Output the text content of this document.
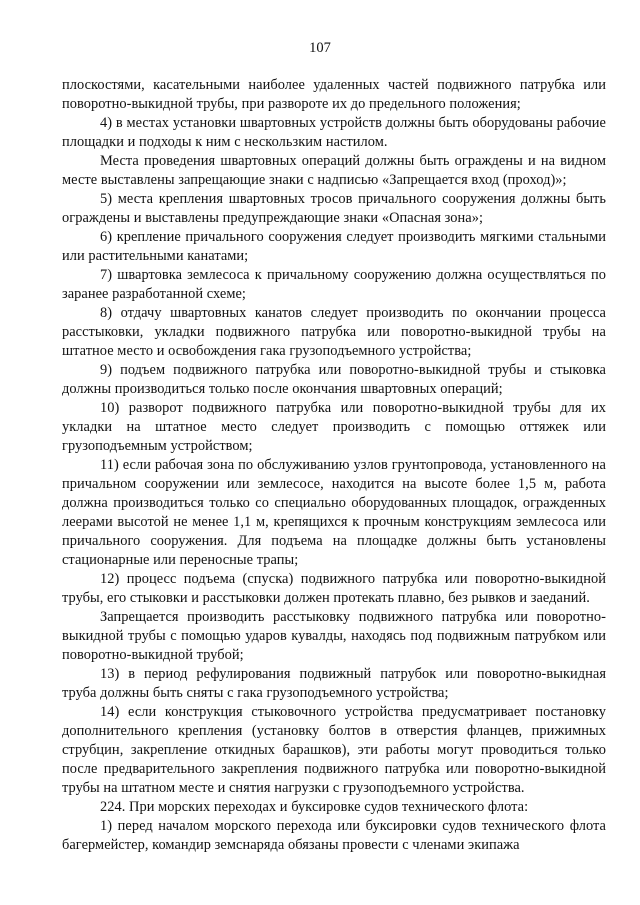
107

плоскостями, касательными наиболее удаленных частей подвижного патрубка или поворотно-выкидной трубы, при развороте их до предельного положения;

4) в местах установки швартовных устройств должны быть оборудованы рабочие площадки и подходы к ним с нескользким настилом.

Места проведения швартовных операций должны быть ограждены и на видном месте выставлены запрещающие знаки с надписью «Запрещается вход (проход)»;

5) места крепления швартовных тросов причального сооружения должны быть ограждены и выставлены предупреждающие знаки «Опасная зона»;

6) крепление причального сооружения следует производить мягкими стальными или растительными канатами;

7) швартовка землесоса к причальному сооружению должна осуществляться по заранее разработанной схеме;

8) отдачу швартовных канатов следует производить по окончании процесса расстыковки, укладки подвижного патрубка или поворотно-выкидной трубы на штатное место и освобождения гака грузоподъемного устройства;

9) подъем подвижного патрубка или поворотно-выкидной трубы и стыковка должны производиться только после окончания швартовных операций;

10) разворот подвижного патрубка или поворотно-выкидной трубы для их укладки на штатное место следует производить с помощью оттяжек или грузоподъемным устройством;

11) если рабочая зона по обслуживанию узлов грунтопровода, установленного на причальном сооружении или землесосе, находится на высоте более 1,5 м, работа должна производиться только со специально оборудованных площадок, огражденных леерами высотой не менее 1,1 м, крепящихся к прочным конструкциям землесоса или причального сооружения. Для подъема на площадке должны быть установлены стационарные или переносные трапы;

12) процесс подъема (спуска) подвижного патрубка или поворотно-выкидной трубы, его стыковки и расстыковки должен протекать плавно, без рывков и заеданий.

Запрещается производить расстыковку подвижного патрубка или поворотно-выкидной трубы с помощью ударов кувалды, находясь под подвижным патрубком или поворотно-выкидной трубой;

13) в период рефулирования подвижный патрубок или поворотно-выкидная труба должны быть сняты с гака грузоподъемного устройства;

14) если конструкция стыковочного устройства предусматривает постановку дополнительного крепления (установку болтов в отверстия фланцев, прижимных струбцин, закрепление откидных барашков), эти работы могут проводиться только после предварительного закрепления подвижного патрубка или поворотно-выкидной трубы на штатном месте и снятия нагрузки с грузоподъемного устройства.

224. При морских переходах и буксировке судов технического флота:

1) перед началом морского перехода или буксировки судов технического флота багермейстер, командир земснаряда обязаны провести с членами экипажа
